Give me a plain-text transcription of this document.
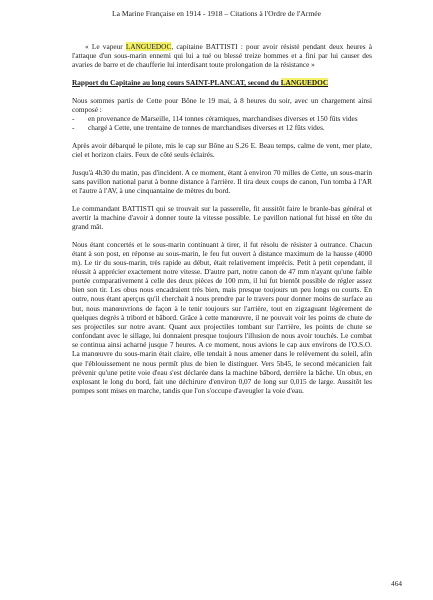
La Marine Française en 1914 - 1918 – Citations à l'Ordre de l'Armée

« Le vapeur LANGUEDOC, capitaine BATTISTI : pour avoir résisté pendant deux heures à l'attaque d'un sous-marin ennemi qui lui a tué ou blessé treize hommes et a fini par lui causer des avaries de barre et de chaufferie lui interdisant toute prolongation de la résistance »

Rapport du Capitaine au long cours SAINT-PLANCAT, second du LANGUEDOC

Nous sommes partis de Cette pour Bône le 19 mai, à 8 heures du soir, avec un chargement ainsi composé :

- en provenance de Marseille, 114 tonnes céramiques, marchandises diverses et 150 fûts vides
- chargé à Cette, une trentaine de tonnes de marchandises diverses et 12 fûts vides.

Après avoir débarqué le pilote, mis le cap sur Bône au S.26 E. Beau temps, calme de vent, mer plate, ciel et horizon clairs. Feux de côté seuls éclairés.

Jusqu'à 4h30 du matin, pas d'incident. A ce moment, étant à environ 70 milles de Cette, un sous-marin sans pavillon national parut à bonne distance à l'arrière. Il tira deux coups de canon, l'un tomba à l'AR et l'autre à l'AV, à une cinquantaine de mètres du bord.

Le commandant BATTISTI qui se trouvait sur la passerelle, fit aussitôt faire le branle-bas général et avertir la machine d'avoir à donner toute la vitesse possible. Le pavillon national fut hissé en tête du grand mât.

Nous étant concertés et le sous-marin continuant à tirer, il fut résolu de résister à outrance. Chacun étant à son post, en réponse au sous-marin, le feu fut ouvert à distance maximum de la hausse (4000 m). Le tir du sous-marin, très rapide au début, était relativement imprécis. Petit à petit cependant, il réussit à apprécier exactement notre vitesse. D'autre part, notre canon de 47 mm n'ayant qu'une faible portée comparativement à celle des deux pièces de 100 mm, il lui fut bientôt possible de régler assez bien son tir. Les obus nous encadraient très bien, mais presque toujours un peu longs ou courts. En outre, nous étant aperçus qu'il cherchait à nous prendre par le travers pour donner moins de surface au but, nous manœuvrions de façon à le tenir toujours sur l'arrière, tout en zigzaguant légèrement de quelques degrés à tribord et bâbord. Grâce à cette manœuvre, il ne pouvait voir les points de chute de ses projectiles sur notre avant. Quant aux projectiles tombant sur l'arrière, les points de chute se confondant avec le sillage, lui donnaient presque toujours l'illusion de nous avoir touchés. Le combat se continua ainsi acharné jusque 7 heures. A ce moment, nous avions le cap aux environs de l'O.S.O. La manœuvre du sous-marin était claire, elle tendait à nous amener dans le relèvement du soleil, afin que l'éblouissement ne nous permît plus de bien le distinguer. Vers 5h45, le second mécanicien fait prévenir qu'une petite voie d'eau s'est déclarée dans la machine bâbord, derrière la bâche. Un obus, en explosant le long du bord, fait une déchirure d'environ 0,07 de long sur 0,015 de large. Aussitôt les pompes sont mises en marche, tandis que l'on s'occupe d'aveugler la voie d'eau.

464
